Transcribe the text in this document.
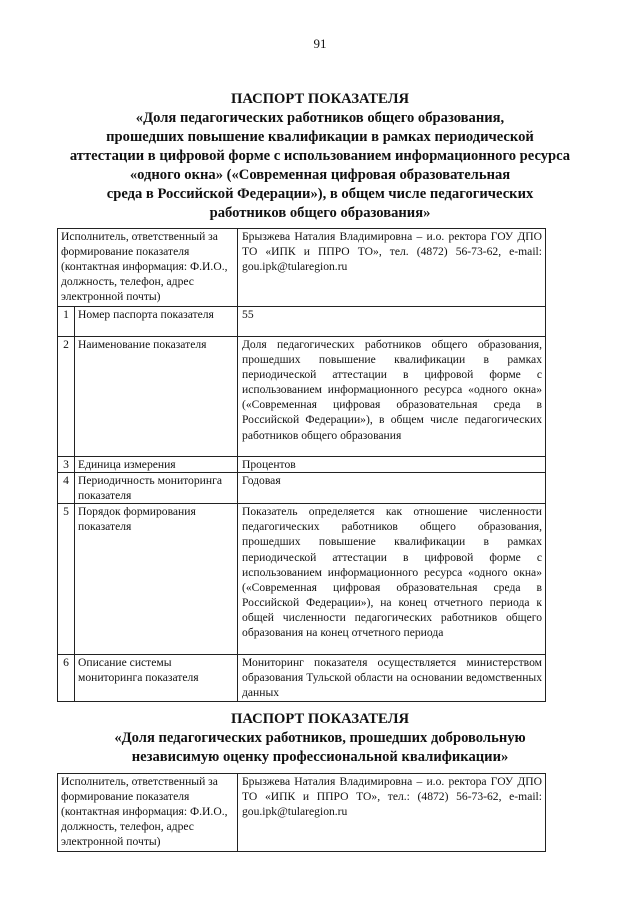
91
ПАСПОРТ ПОКАЗАТЕЛЯ
«Доля педагогических работников общего образования,
прошедших повышение квалификации в рамках периодической
аттестации в цифровой форме с использованием информационного ресурса
«одного окна» («Современная цифровая образовательная
среда в Российской Федерации»), в общем числе педагогических
работников общего образования»
Исполнитель, ответственный за формирование показателя (контактная информация: Ф.И.О., должность, телефон, адрес электронной почты)		Брызжева Наталия Владимировна – и.о. ректора ГОУ ДПО ТО «ИПК и ППРО ТО», тел. (4872) 56-73-62, e-mail: gou.ipk@tularegion.ru
1	Номер паспорта показателя	55
2	Наименование показателя	Доля педагогических работников общего образования, прошедших повышение квалификации в рамках периодической аттестации в цифровой форме с использованием информационного ресурса «одного окна» («Современная цифровая образовательная среда в Российской Федерации»), в общем числе педагогических работников общего образования
3	Единица измерения	Процентов
4	Периодичность мониторинга показателя	Годовая
5	Порядок формирования показателя	Показатель определяется как отношение численности педагогических работников общего образования, прошедших повышение квалификации в рамках периодической аттестации в цифровой форме с использованием информационного ресурса «одного окна» («Современная цифровая образовательная среда в Российской Федерации»), на конец отчетного периода к общей численности педагогических работников общего образования на конец отчетного периода
6	Описание системы мониторинга показателя	Мониторинг показателя осуществляется министерством образования Тульской области на основании ведомственных данных
ПАСПОРТ ПОКАЗАТЕЛЯ
«Доля педагогических работников, прошедших добровольную
независимую оценку профессиональной квалификации»
Исполнитель, ответственный за формирование показателя (контактная информация: Ф.И.О., должность, телефон, адрес электронной почты)	Брызжева Наталия Владимировна – и.о. ректора ГОУ ДПО ТО «ИПК и ППРО ТО», тел.: (4872) 56-73-62, e-mail: gou.ipk@tularegion.ru
